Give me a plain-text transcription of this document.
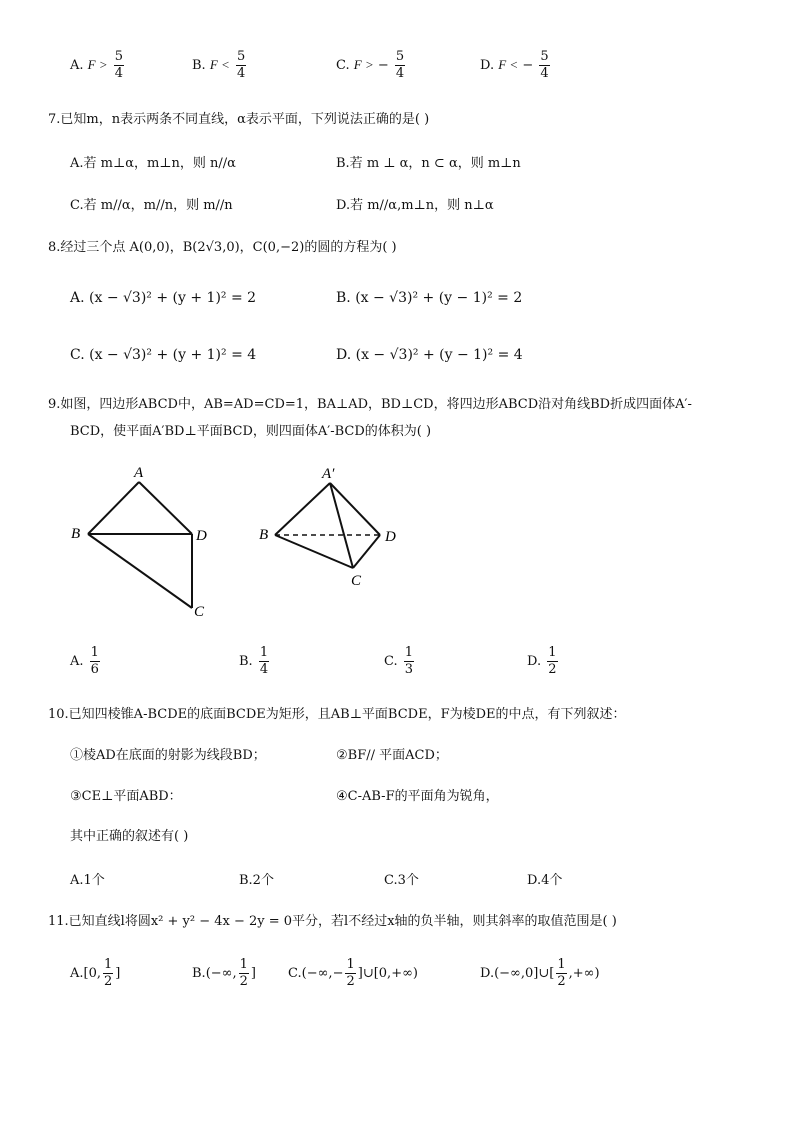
A. $F > \frac{5}{4}$	B. $F < \frac{5}{4}$	C. F > − $\frac{5}{4}$	D. F < − $\frac{5}{4}$
7.已知m，n表示两条不同直线，α表示平面，下列说法正确的是( )
A.若 m⊥α，m⊥n，则 n//α	B.若 m ⊥ α，n ⊂ α，则 m⊥n
C.若 m//α，m//n，则 m//n	D.若 m//α,m⊥n，则 n⊥α
8.经过三个点 A(0,0)，B(2√3,0)，C(0,−2)的圆的方程为( )
A. (x − √3)² + (y + 1)² = 2	B. (x − √3)² + (y − 1)² = 2
C. (x − √3)² + (y + 1)² = 4	D. (x − √3)² + (y − 1)² = 4
9.如图，四边形ABCD中，AB=AD=CD=1，BA⊥AD，BD⊥CD，将四边形ABCD沿对角线BD折成四面体A′-
BCD，使平面A′BD⊥平面BCD，则四面体A′-BCD的体积为( )
A
B	D
C
A′
B	D
C
A. $\frac{1}{6}$	B. $\frac{1}{4}$	C. $\frac{1}{3}$	D. $\frac{1}{2}$
10.已知四棱锥A-BCDE的底面BCDE为矩形，且AB⊥平面BCDE，F为棱DE的中点，有下列叙述：
①棱AD在底面的射影为线段BD；	②BF// 平面ACD；
③CE⊥平面ABD：	④C-AB-F的平面角为锐角，
其中正确的叙述有( )
A.1个	B.2个	C.3个	D.4个
11.已知直线l将圆x² + y² − 4x − 2y = 0平分，若l不经过x轴的负半轴，则其斜率的取值范围是( )
A.[0, $\frac{1}{2}$ ]	B.(−∞, $\frac{1}{2}$ ] $C.(-\infty,- \frac{1}{2}$ ]∪[0,+∞)	D.(−∞,0]∪[ $\frac{1}{2}$ ,+∞)
